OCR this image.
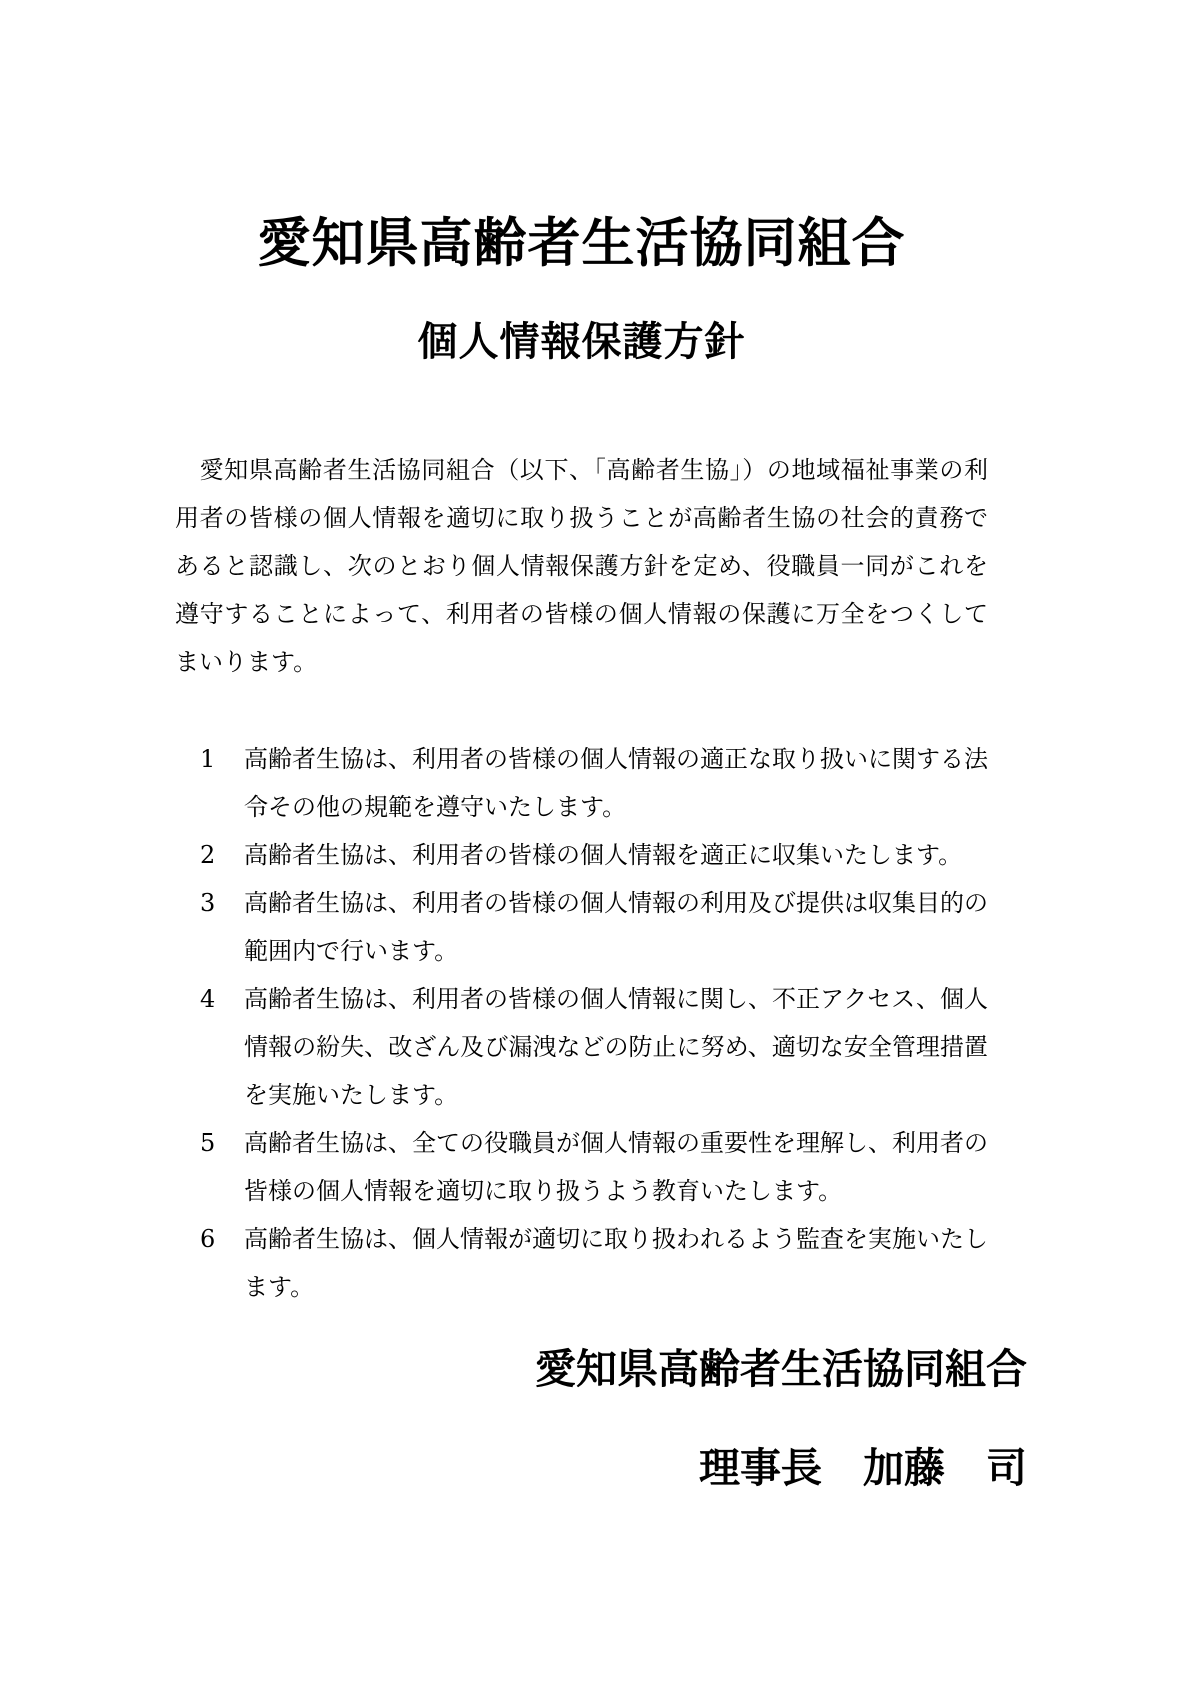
愛知県高齢者生活協同組合
個人情報保護方針

　愛知県高齢者生活協同組合（以下、「高齢者生協」）の地域福祉事業の利用者の皆様の個人情報を適切に取り扱うことが高齢者生協の社会的責務であると認識し、次のとおり個人情報保護方針を定め、役職員一同がこれを遵守することによって、利用者の皆様の個人情報の保護に万全をつくしてまいります。

1	高齢者生協は、利用者の皆様の個人情報の適正な取り扱いに関する法令その他の規範を遵守いたします。
2	高齢者生協は、利用者の皆様の個人情報を適正に収集いたします。
3	高齢者生協は、利用者の皆様の個人情報の利用及び提供は収集目的の範囲内で行います。
4	高齢者生協は、利用者の皆様の個人情報に関し、不正アクセス、個人情報の紛失、改ざん及び漏洩などの防止に努め、適切な安全管理措置を実施いたします。
5	高齢者生協は、全ての役職員が個人情報の重要性を理解し、利用者の皆様の個人情報を適切に取り扱うよう教育いたします。
6	高齢者生協は、個人情報が適切に取り扱われるよう監査を実施いたします。
愛知県高齢者生活協同組合
理事長　加藤　司
